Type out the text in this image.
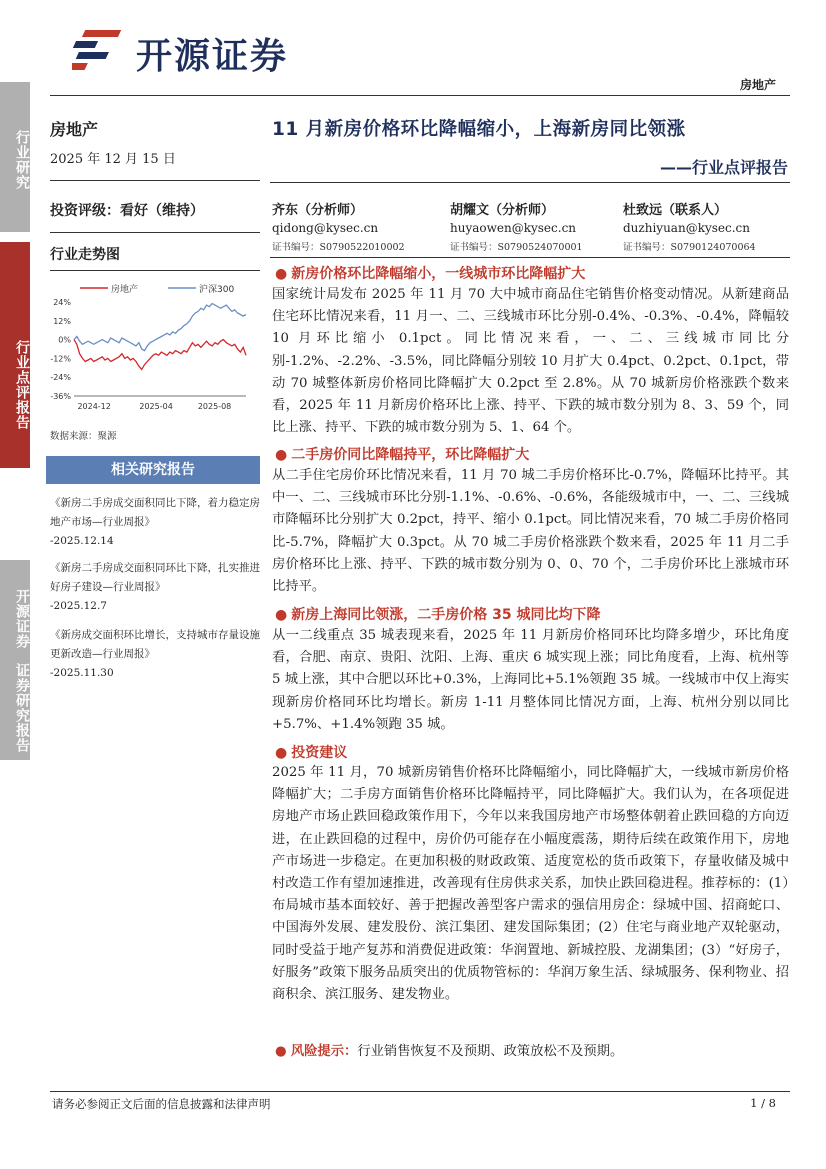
开源证券
房地产
行业研究
行业点评报告
开源证券
证券研究报告
房地产
2025 年 12 月 15 日
投资评级：看好（维持）
行业走势图
房地产	沪深300
24%
12%
0%
-12%
-24%
-36%
2024-12	2025-04	2025-08
数据来源：聚源
相关研究报告
《新房二手房成交面积同比下降，着力稳定房地产市场—行业周报》
-2025.12.14
《新房二手房成交面积同环比下降，扎实推进好房子建设—行业周报》
-2025.12.7
《新房成交面积环比增长，支持城市存量设施更新改造—行业周报》
-2025.11.30
11 月新房价格环比降幅缩小，上海新房同比领涨
——行业点评报告
齐东（分析师）
qidong@kysec.cn
证书编号：S0790522010002
胡耀文（分析师）
huyaowen@kysec.cn
证书编号：S0790524070001
杜致远（联系人）
duzhiyuan@kysec.cn
证书编号：S0790124070064
● 新房价格环比降幅缩小，一线城市环比降幅扩大
国家统计局发布 2025 年 11 月 70 大中城市商品住宅销售价格变动情况。从新建商品住宅环比情况来看，11 月一、二、三线城市环比分别-0.4%、-0.3%、-0.4%，降幅较 10 月环比缩小 0.1pct。同比情况来看，一、二、三线城市同比分别-1.2%、-2.2%、-3.5%，同比降幅分别较 10 月扩大 0.4pct、0.2pct、0.1pct，带动 70 城整体新房价格同比降幅扩大 0.2pct 至 2.8%。从 70 城新房价格涨跌个数来看，2025 年 11 月新房价格环比上涨、持平、下跌的城市数分别为 8、3、59 个，同比上涨、持平、下跌的城市数分别为 5、1、64 个。
● 二手房价同比降幅持平，环比降幅扩大
从二手住宅房价环比情况来看，11 月 70 城二手房价格环比-0.7%，降幅环比持平。其中一、二、三线城市环比分别-1.1%、-0.6%、-0.6%，各能级城市中，一、二、三线城市降幅环比分别扩大 0.2pct，持平、缩小 0.1pct。同比情况来看，70 城二手房价格同比-5.7%，降幅扩大 0.3pct。从 70 城二手房价格涨跌个数来看，2025 年 11 月二手房价格环比上涨、持平、下跌的城市数分别为 0、0、70 个，二手房价环比上涨城市环比持平。
● 新房上海同比领涨，二手房价格 35 城同比均下降
从一二线重点 35 城表现来看，2025 年 11 月新房价格同环比均降多增少，环比角度看，合肥、南京、贵阳、沈阳、上海、重庆 6 城实现上涨；同比角度看，上海、杭州等 5 城上涨，其中合肥以环比+0.3%，上海同比+5.1%领跑 35 城。一线城市中仅上海实现新房价格同环比均增长。新房 1-11 月整体同比情况方面，上海、杭州分别以同比+5.7%、+1.4%领跑 35 城。
● 投资建议
2025 年 11 月，70 城新房销售价格环比降幅缩小，同比降幅扩大，一线城市新房价格降幅扩大；二手房方面销售价格环比降幅持平，同比降幅扩大。我们认为，在各项促进房地产市场止跌回稳政策作用下，今年以来我国房地产市场整体朝着止跌回稳的方向迈进，在止跌回稳的过程中，房价仍可能存在小幅度震荡，期待后续在政策作用下，房地产市场进一步稳定。在更加积极的财政政策、适度宽松的货币政策下，存量收储及城中村改造工作有望加速推进，改善现有住房供求关系，加快止跌回稳进程。推荐标的：(1）布局城市基本面较好、善于把握改善型客户需求的强信用房企：绿城中国、招商蛇口、中国海外发展、建发股份、滨江集团、建发国际集团；(2）住宅与商业地产双轮驱动，同时受益于地产复苏和消费促进政策：华润置地、新城控股、龙湖集团；(3）“好房子，好服务”政策下服务品质突出的优质物管标的：华润万象生活、绿城服务、保利物业、招商积余、滨江服务、建发物业。
● 风险提示：行业销售恢复不及预期、政策放松不及预期。
请务必参阅正文后面的信息披露和法律声明	1 / 8
